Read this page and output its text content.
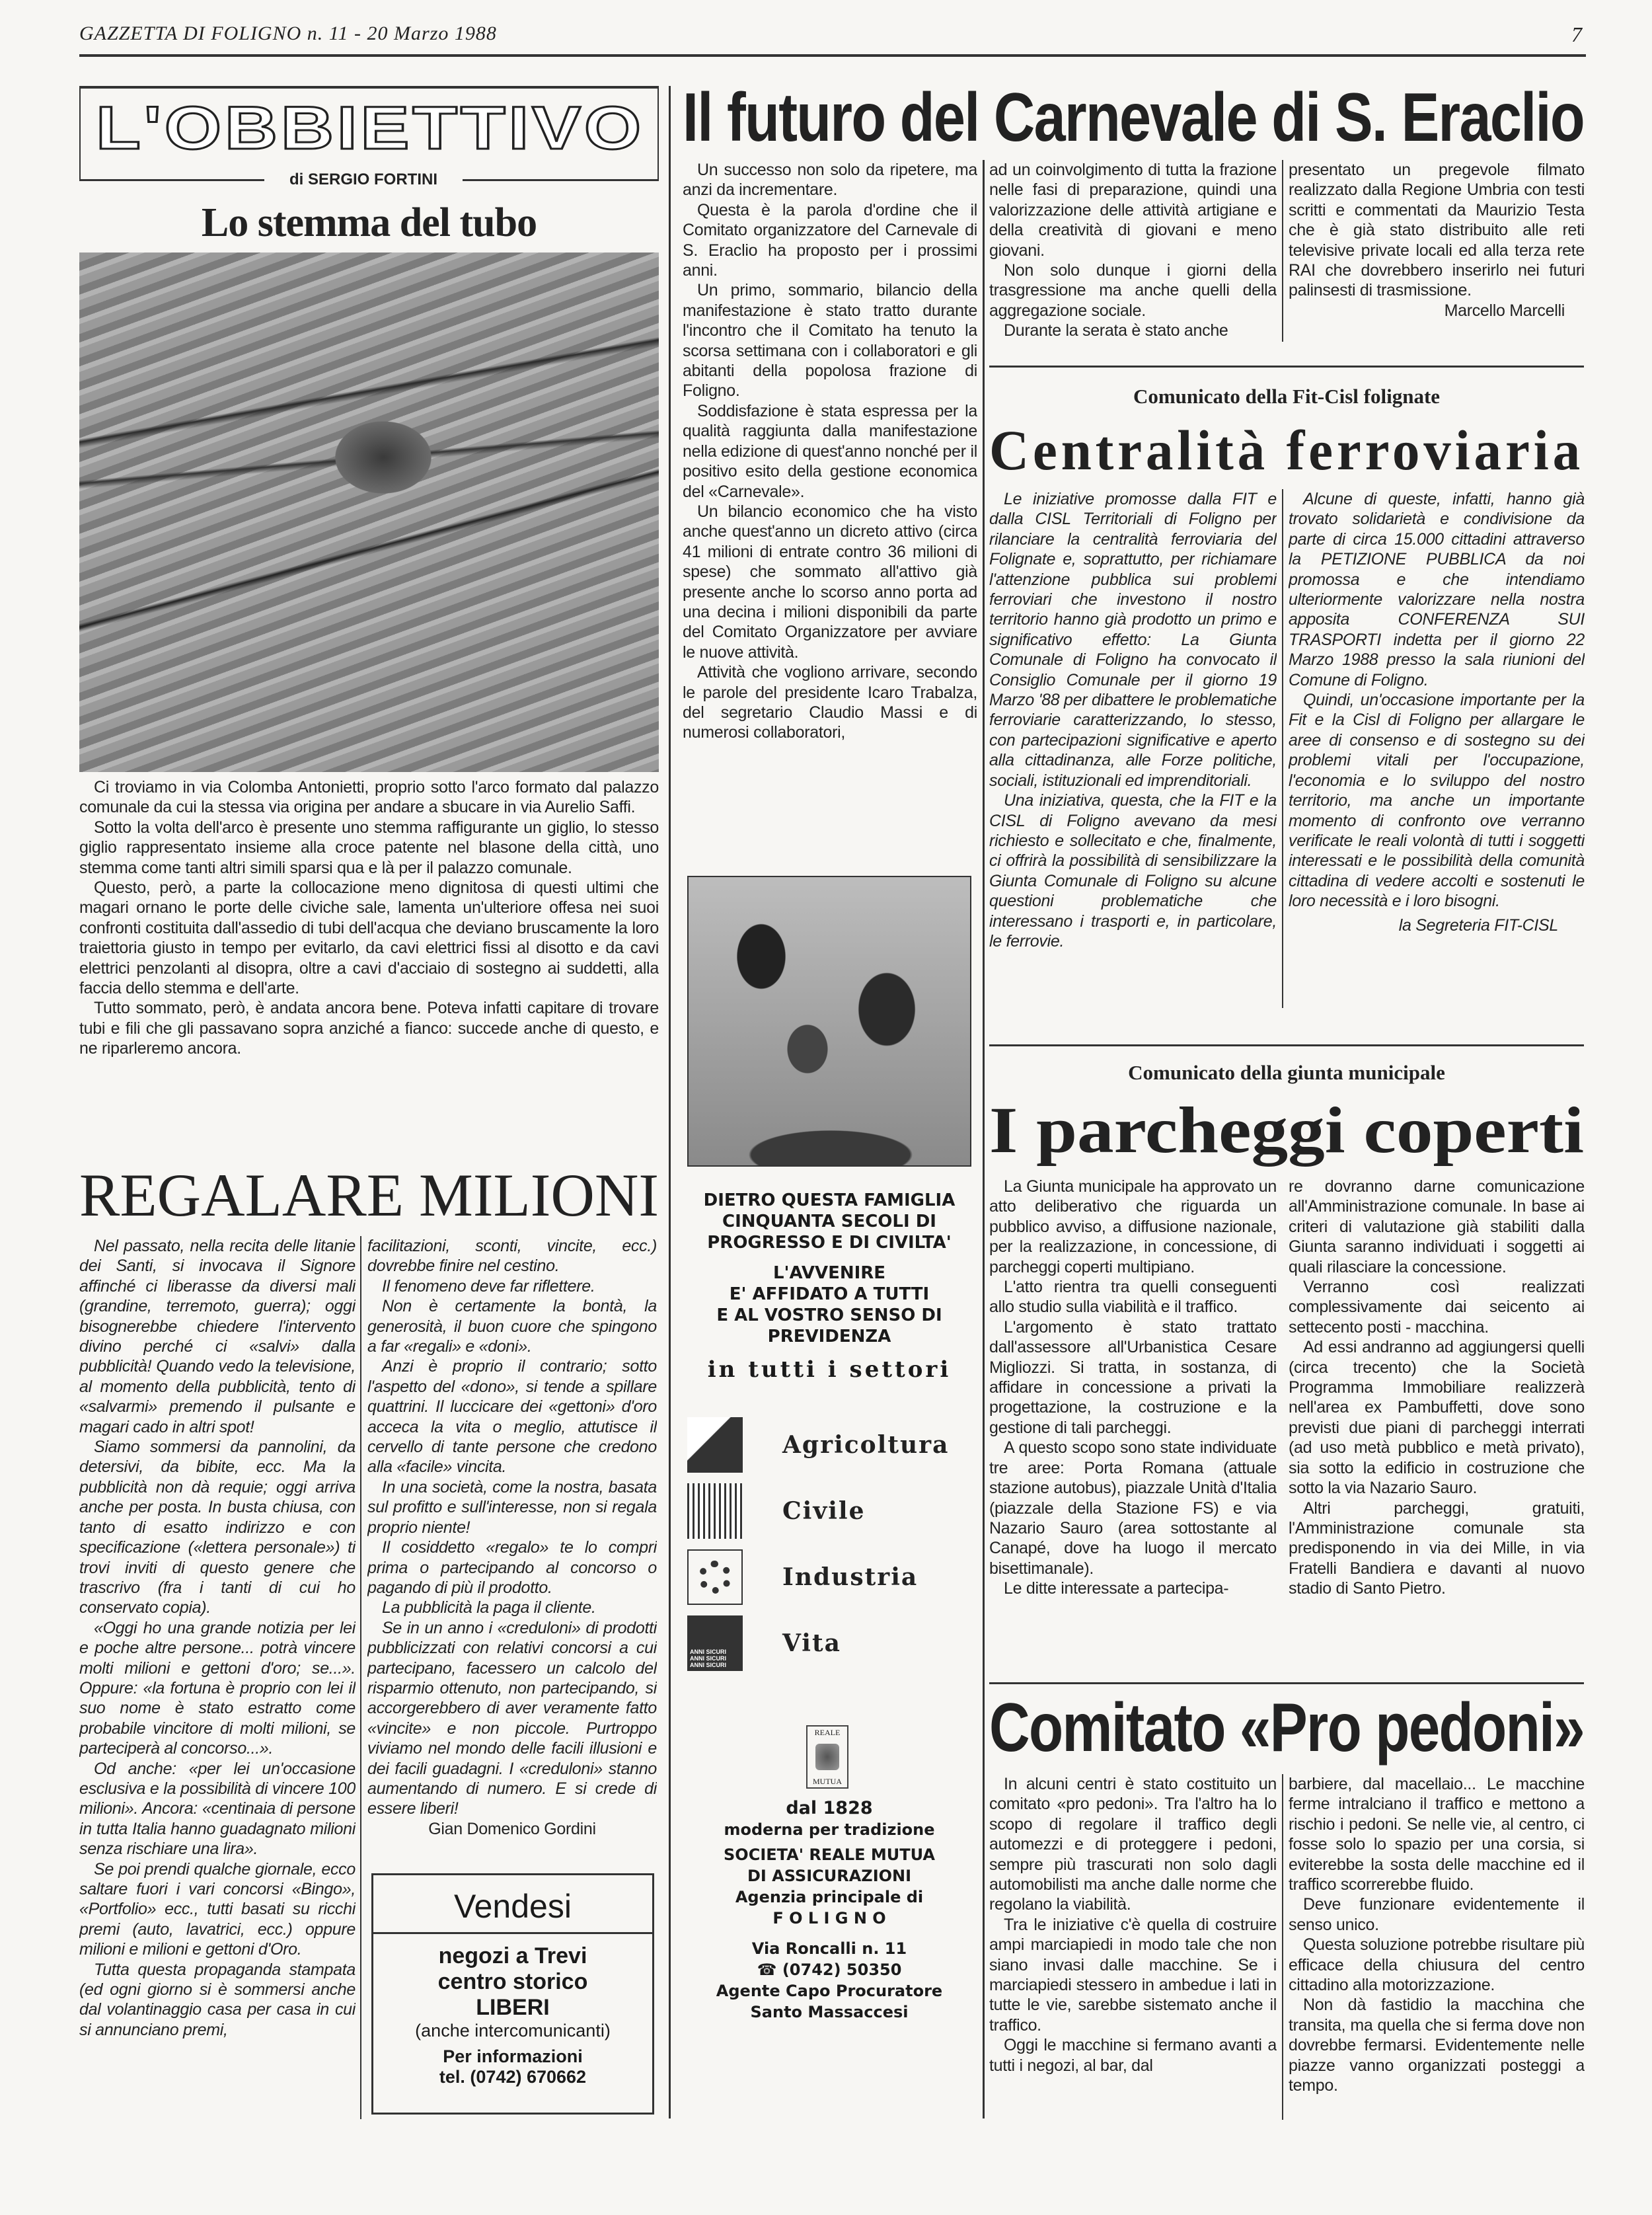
GAZZETTA DI FOLIGNO n. 11 - 20 Marzo 1988	7
L'OBBIETTIVO
di SERGIO FORTINI
Lo stemma del tubo

Ci troviamo in via Colomba Antonietti, proprio sotto l'arco formato dal palazzo comunale da cui la stessa via origina per andare a sbucare in via Aurelio Saffi.

Sotto la volta dell'arco è presente uno stemma raffigurante un giglio, lo stesso giglio rappresentato insieme alla croce patente nel blasone della città, uno stemma come tanti altri simili sparsi qua e là per il palazzo comunale.

Questo, però, a parte la collocazione meno dignitosa di questi ultimi che magari ornano le porte delle civiche sale, lamenta un'ulteriore offesa nei suoi confronti costituita dall'assedio di tubi dell'acqua che deviano bruscamente la loro traiettoria giusto in tempo per evitarlo, da cavi elettrici fissi al disotto e da cavi elettrici penzolanti al disopra, oltre a cavi d'acciaio di sostegno ai suddetti, alla faccia dello stemma e dell'arte.

Tutto sommato, però, è andata ancora bene. Poteva infatti capitare di trovare tubi e fili che gli passavano sopra anziché a fianco: succede anche di questo, e ne riparleremo ancora.

REGALARE MILIONI

Nel passato, nella recita delle litanie dei Santi, si invocava il Signore affinché ci liberasse da diversi mali (grandine, terremoto, guerra); oggi bisognerebbe chiedere l'intervento divino perché ci «salvi» dalla pubblicità! Quando vedo la televisione, al momento della pubblicità, tento di «salvarmi» premendo il pulsante e magari cado in altri spot!

Siamo sommersi da pannolini, da detersivi, da bibite, ecc. Ma la pubblicità non dà requie; oggi arriva anche per posta. In busta chiusa, con tanto di esatto indirizzo e con specificazione («lettera personale») ti trovi inviti di questo genere che trascrivo (fra i tanti di cui ho conservato copia).

«Oggi ho una grande notizia per lei e poche altre persone... potrà vincere molti milioni e gettoni d'oro; se...». Oppure: «la fortuna è proprio con lei il suo nome è stato estratto come probabile vincitore di molti milioni, se parteciperà al concorso...».

Od anche: «per lei un'occasione esclusiva e la possibilità di vincere 100 milioni». Ancora: «centinaia di persone in tutta Italia hanno guadagnato milioni senza rischiare una lira».

Se poi prendi qualche giornale, ecco saltare fuori i vari concorsi «Bingo», «Portfolio» ecc., tutti basati su ricchi premi (auto, lavatrici, ecc.) oppure milioni e milioni e gettoni d'Oro.

Tutta questa propaganda stampata (ed ogni giorno si è sommersi anche dal volantinaggio casa per casa in cui si annunciano premi,

facilitazioni, sconti, vincite, ecc.) dovrebbe finire nel cestino.

Il fenomeno deve far riflettere.

Non è certamente la bontà, la generosità, il buon cuore che spingono a far «regali» e «doni».

Anzi è proprio il contrario; sotto l'aspetto del «dono», si tende a spillare quattrini. Il luccicare dei «gettoni» d'oro acceca la vita o meglio, attutisce il cervello di tante persone che credono alla «facile» vincita.

In una società, come la nostra, basata sul profitto e sull'interesse, non si regala proprio niente!

Il cosiddetto «regalo» te lo compri prima o partecipando al concorso o pagando di più il prodotto.

La pubblicità la paga il cliente.

Se in un anno i «creduloni» di prodotti pubblicizzati con relativi concorsi a cui partecipano, facessero un calcolo del risparmio ottenuto, non partecipando, si accorgerebbero di aver veramente fatto «vincite» e non piccole. Purtroppo viviamo nel mondo delle facili illusioni e dei facili guadagni. I «creduloni» stanno aumentando di numero. E si crede di essere liberi!

Gian Domenico Gordini

Vendesi
negozi a Trevi
centro storico
LIBERI
(anche intercomunicanti)
Per informazioni
tel. (0742) 670662
Il futuro del Carnevale di S. Eraclio

Un successo non solo da ripetere, ma anzi da incrementare.

Questa è la parola d'ordine che il Comitato organizzatore del Carnevale di S. Eraclio ha proposto per i prossimi anni.

Un primo, sommario, bilancio della manifestazione è stato tratto durante l'incontro che il Comitato ha tenuto la scorsa settimana con i collaboratori e gli abitanti della popolosa frazione di Foligno.

Soddisfazione è stata espressa per la qualità raggiunta dalla manifestazione nella edizione di quest'anno nonché per il positivo esito della gestione economica del «Carnevale».

Un bilancio economico che ha visto anche quest'anno un dicreto attivo (circa 41 milioni di entrate contro 36 milioni di spese) che sommato all'attivo già presente anche lo scorso anno porta ad una decina i milioni disponibili da parte del Comitato Organizzatore per avviare le nuove attività.

Attività che vogliono arrivare, secondo le parole del presidente Icaro Trabalza, del segretario Claudio Massi e di numerosi collaboratori,

ad un coinvolgimento di tutta la frazione nelle fasi di preparazione, quindi una valorizzazione delle attività artigiane e della creatività di giovani e meno giovani.

Non solo dunque i giorni della trasgressione ma anche quelli della aggregazione sociale.

Durante la serata è stato anche

presentato un pregevole filmato realizzato dalla Regione Umbria con testi scritti e commentati da Maurizio Testa che è già stato distribuito alle reti televisive private locali ed alla terza rete RAI che dovrebbero inserirlo nei futuri palinsesti di trasmissione.

Marcello Marcelli

DIETRO QUESTA FAMIGLIA
CINQUANTA SECOLI DI
PROGRESSO E DI CIVILTA'
L'AVVENIRE
E' AFFIDATO A TUTTI
E AL VOSTRO SENSO DI
PREVIDENZA
in tutti i settori
Agricoltura
Civile
Industria
ANNI SICURI
ANNI SICURI
ANNI SICURI
Vita
REALE
MUTUA
dal 1828
moderna per tradizione
SOCIETA' REALE MUTUA
DI ASSICURAZIONI
Agenzia principale di
F O L I G N O
Via Roncalli n. 11
☎ (0742) 50350
Agente Capo Procuratore
Santo Massaccesi
Comunicato della Fit-Cisl folignate
Centralità ferroviaria

Le iniziative promosse dalla FIT e dalla CISL Territoriali di Foligno per rilanciare la centralità ferroviaria del Folignate e, soprattutto, per richiamare l'attenzione pubblica sui problemi ferroviari che investono il nostro territorio hanno già prodotto un primo e significativo effetto: La Giunta Comunale di Foligno ha convocato il Consiglio Comunale per il giorno 19 Marzo '88 per dibattere le problematiche ferroviarie caratterizzando, lo stesso, con partecipazioni significative e aperto alla cittadinanza, alle Forze politiche, sociali, istituzionali ed imprenditoriali.

Una iniziativa, questa, che la FIT e la CISL di Foligno avevano da mesi richiesto e sollecitato e che, finalmente, ci offrirà la possibilità di sensibilizzare la Giunta Comunale di Foligno su alcune questioni problematiche che interessano i trasporti e, in particolare, le ferrovie.

Alcune di queste, infatti, hanno già trovato solidarietà e condivisione da parte di circa 15.000 cittadini attraverso la PETIZIONE PUBBLICA da noi promossa e che intendiamo ulteriormente valorizzare nella nostra apposita CONFERENZA SUI TRASPORTI indetta per il giorno 22 Marzo 1988 presso la sala riunioni del Comune di Foligno.

Quindi, un'occasione importante per la Fit e la Cisl di Foligno per allargare le aree di consenso e di sostegno su dei problemi vitali per l'occupazione, l'economia e lo sviluppo del nostro territorio, ma anche un importante momento di confronto ove verranno verificate le reali volontà di tutti i soggetti interessati e le possibilità della comunità cittadina di vedere accolti e sostenuti le loro necessità e i loro bisogni.

la Segreteria FIT-CISL

Comunicato della giunta municipale
I parcheggi coperti

La Giunta municipale ha approvato un atto deliberativo che riguarda un pubblico avviso, a diffusione nazionale, per la realizzazione, in concessione, di parcheggi coperti multipiano.

L'atto rientra tra quelli conseguenti allo studio sulla viabilità e il traffico.

L'argomento è stato trattato dall'assessore all'Urbanistica Cesare Migliozzi. Si tratta, in sostanza, di affidare in concessione a privati la progettazione, la costruzione e la gestione di tali parcheggi.

A questo scopo sono state individuate tre aree: Porta Romana (attuale stazione autobus), piazzale Unità d'Italia (piazzale della Stazione FS) e via Nazario Sauro (area sottostante al Canapé, dove ha luogo il mercato bisettimanale).

Le ditte interessate a partecipa-

re dovranno darne comunicazione all'Amministrazione comunale. In base ai criteri di valutazione già stabiliti dalla Giunta saranno individuati i soggetti ai quali rilasciare la concessione.

Verranno così realizzati complessivamente dai seicento ai settecento posti - macchina.

Ad essi andranno ad aggiungersi quelli (circa trecento) che la Società Programma Immobiliare realizzerà nell'area ex Pambuffetti, dove sono previsti due piani di parcheggi interrati (ad uso metà pubblico e metà privato), sia sotto la edificio in costruzione che sotto la via Nazario Sauro.

Altri parcheggi, gratuiti, l'Amministrazione comunale sta predisponendo in via dei Mille, in via Fratelli Bandiera e davanti al nuovo stadio di Santo Pietro.

Comitato «Pro pedoni»

In alcuni centri è stato costituito un comitato «pro pedoni». Tra l'altro ha lo scopo di regolare il traffico degli automezzi e di proteggere i pedoni, sempre più trascurati non solo dagli automobilisti ma anche dalle norme che regolano la viabilità.

Tra le iniziative c'è quella di costruire ampi marciapiedi in modo tale che non siano invasi dalle macchine. Se i marciapiedi stessero in ambedue i lati in tutte le vie, sarebbe sistemato anche il traffico.

Oggi le macchine si fermano avanti a tutti i negozi, al bar, dal

barbiere, dal macellaio... Le macchine ferme intralciano il traffico e mettono a rischio i pedoni. Se nelle vie, al centro, ci fosse solo lo spazio per una corsia, si eviterebbe la sosta delle macchine ed il traffico scorrerebbe fluido.

Deve funzionare evidentemente il senso unico.

Questa soluzione potrebbe risultare più efficace della chiusura del centro cittadino alla motorizzazione.

Non dà fastidio la macchina che transita, ma quella che si ferma dove non dovrebbe fermarsi. Evidentemente nelle piazze vanno organizzati posteggi a tempo.
